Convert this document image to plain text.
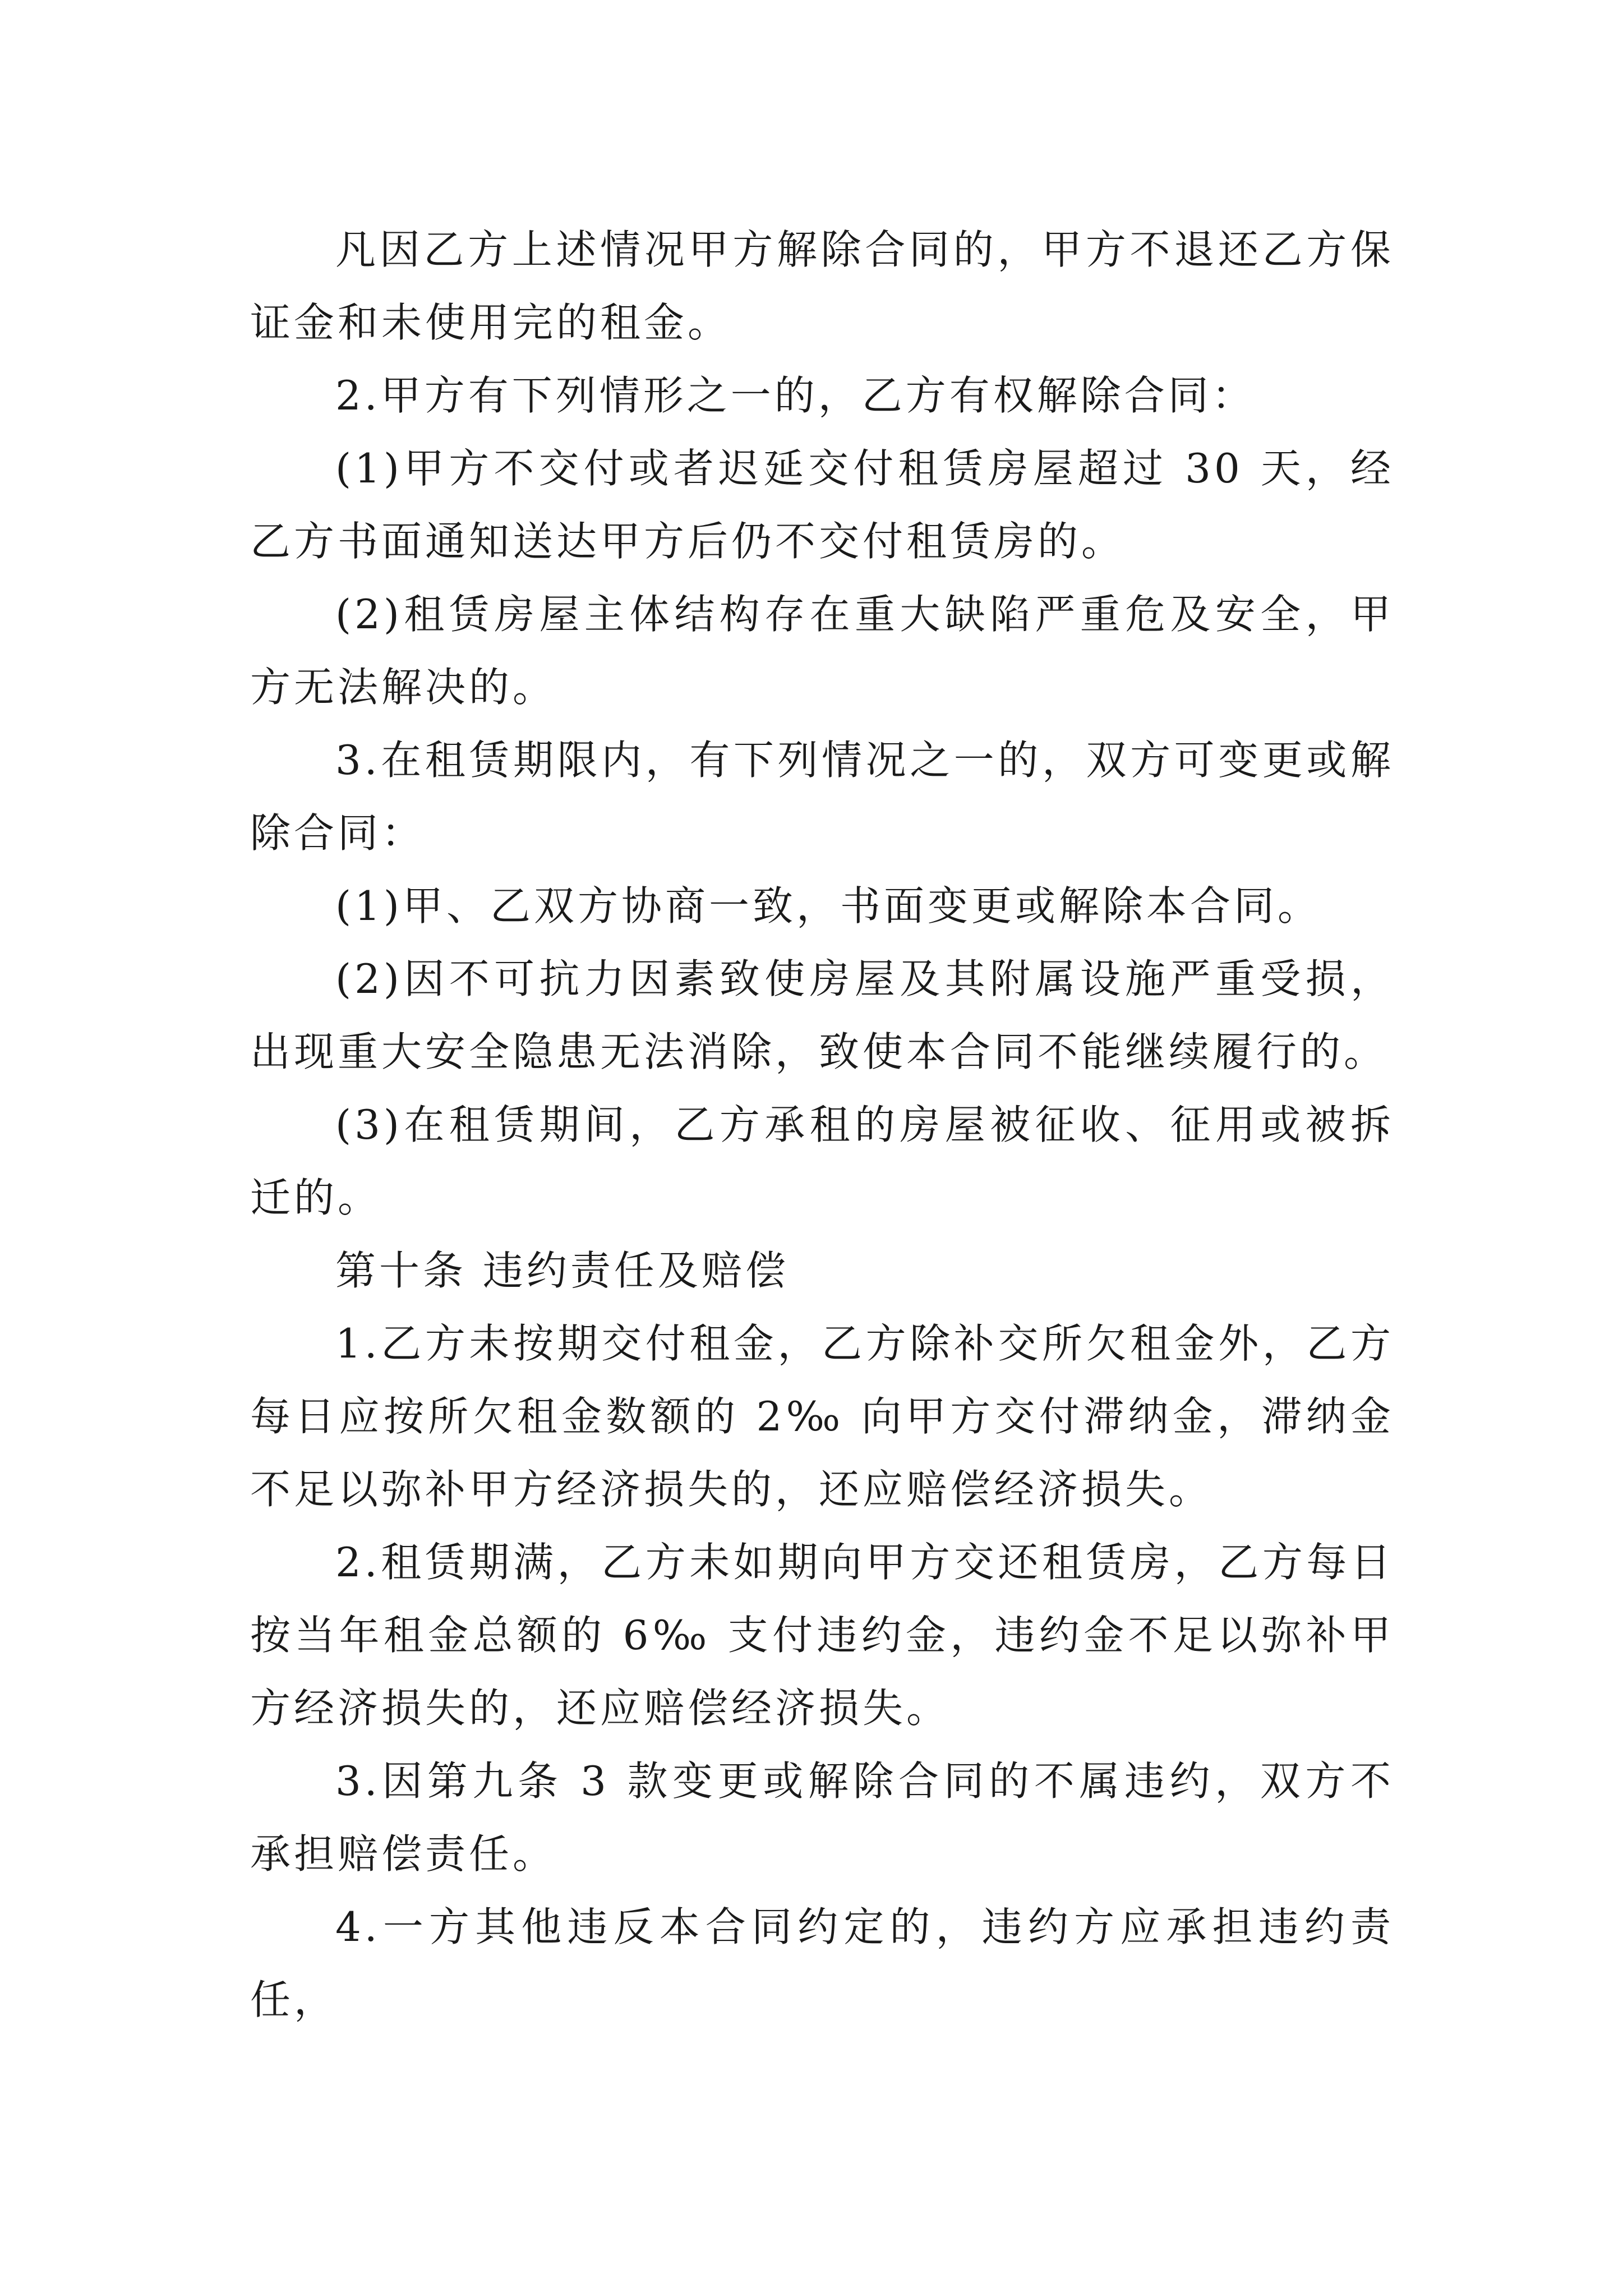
凡因乙方上述情况甲方解除合同的，甲方不退还乙方保证金和未使用完的租金。

2.甲方有下列情形之一的，乙方有权解除合同：

(1)甲方不交付或者迟延交付租赁房屋超过 30 天，经乙方书面通知送达甲方后仍不交付租赁房的。

(2)租赁房屋主体结构存在重大缺陷严重危及安全，甲方无法解决的。

3.在租赁期限内，有下列情况之一的，双方可变更或解除合同：

(1)甲、乙双方协商一致，书面变更或解除本合同。

(2)因不可抗力因素致使房屋及其附属设施严重受损，出现重大安全隐患无法消除，致使本合同不能继续履行的。

(3)在租赁期间，乙方承租的房屋被征收、征用或被拆迁的。

第十条 违约责任及赔偿

1.乙方未按期交付租金，乙方除补交所欠租金外，乙方每日应按所欠租金数额的 2‰ 向甲方交付滞纳金，滞纳金不足以弥补甲方经济损失的，还应赔偿经济损失。

2.租赁期满，乙方未如期向甲方交还租赁房，乙方每日按当年租金总额的 6‰ 支付违约金，违约金不足以弥补甲方经济损失的，还应赔偿经济损失。

3.因第九条 3 款变更或解除合同的不属违约，双方不承担赔偿责任。

4.一方其他违反本合同约定的，违约方应承担违约责任，
